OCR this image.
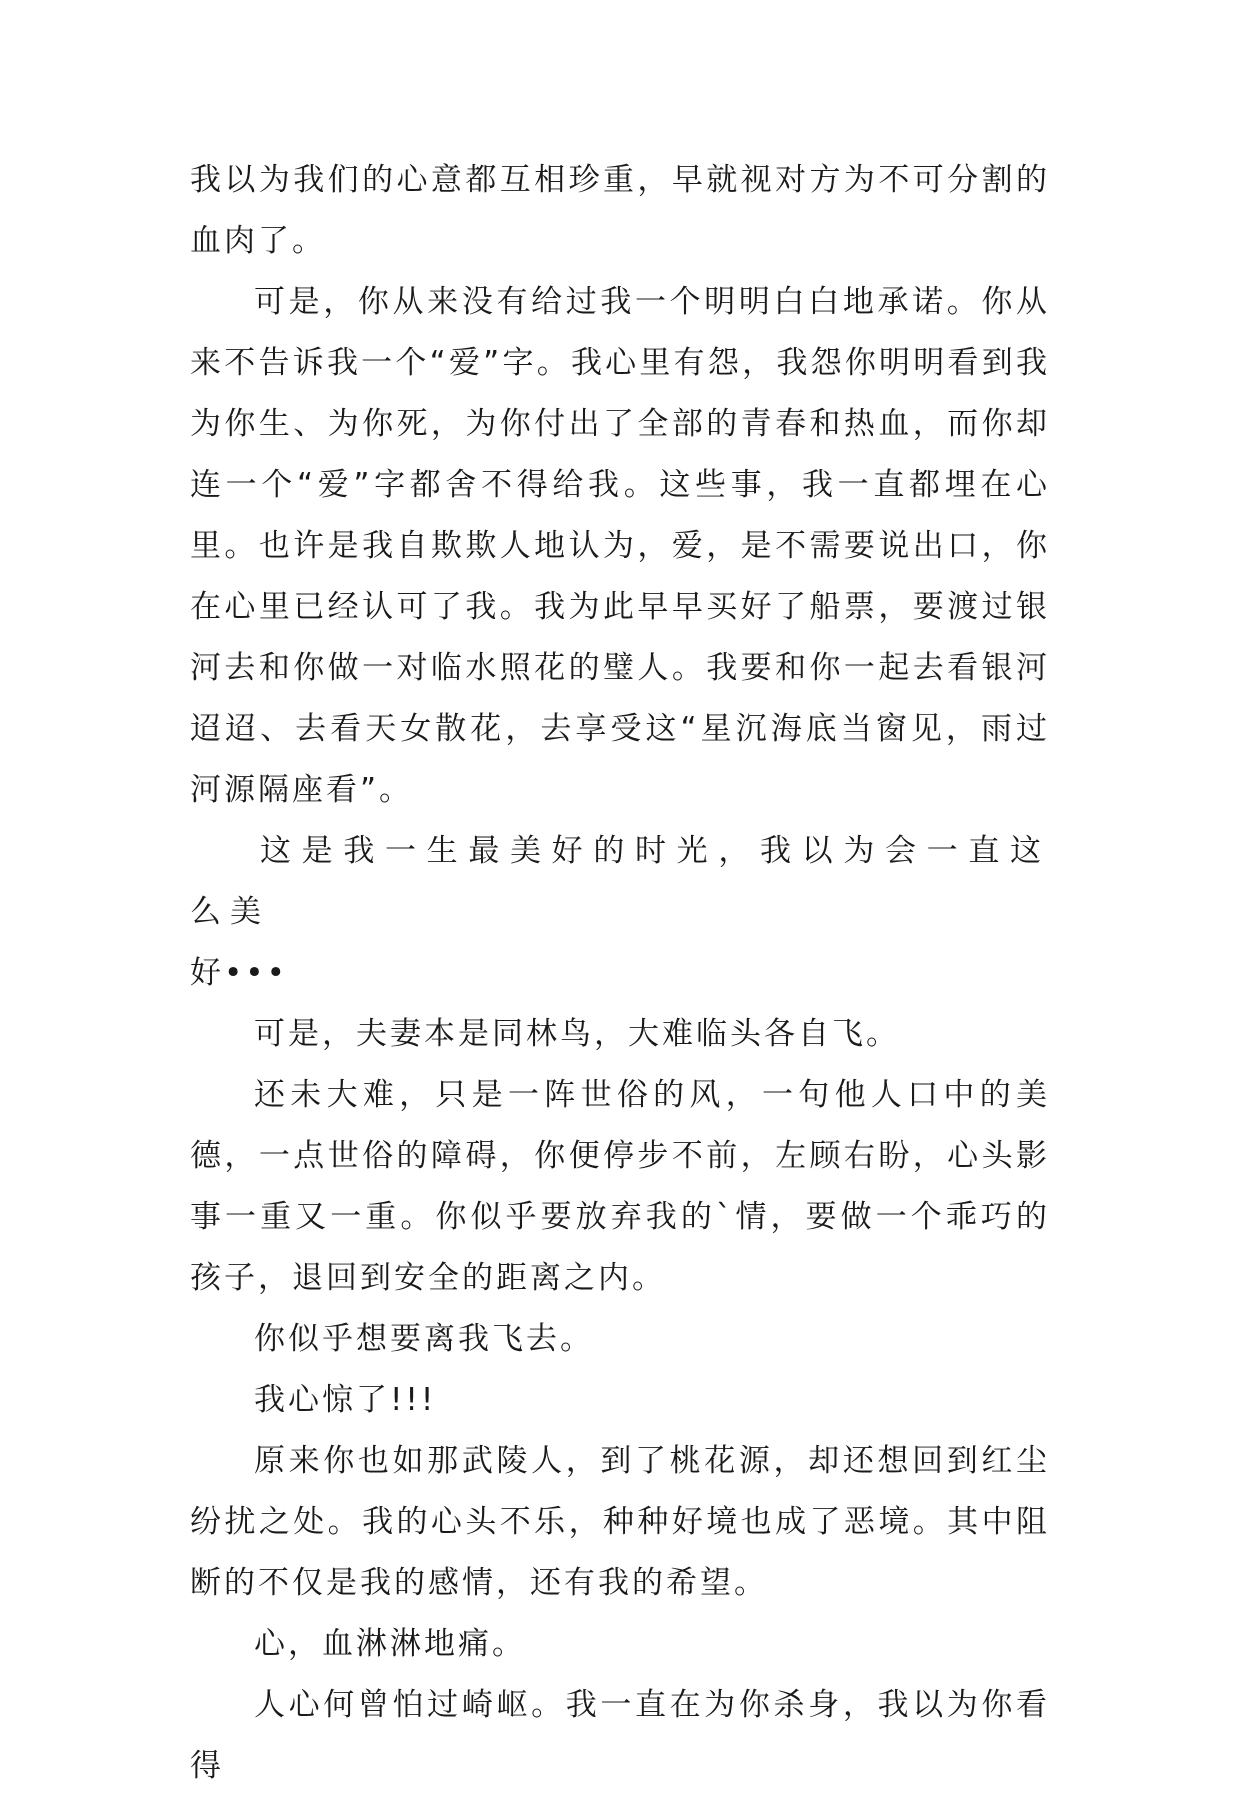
我以为我们的心意都互相珍重，早就视对方为不可分割的血肉了。

可是，你从来没有给过我一个明明白白地承诺。你从来不告诉我一个“爱”字。我心里有怨，我怨你明明看到我为你生、为你死，为你付出了全部的青春和热血，而你却连一个“爱”字都舍不得给我。这些事，我一直都埋在心里。也许是我自欺欺人地认为，爱，是不需要说出口，你在心里已经认可了我。我为此早早买好了船票，要渡过银河去和你做一对临水照花的璧人。我要和你一起去看银河迢迢、去看天女散花，去享受这“星沉海底当窗见，雨过河源隔座看”。

这是我一生最美好的时光，我以为会一直这么美

好•••

可是，夫妻本是同林鸟，大难临头各自飞。

还未大难，只是一阵世俗的风，一句他人口中的美德，一点世俗的障碍，你便停步不前，左顾右盼，心头影事一重又一重。你似乎要放弃我的`情，要做一个乖巧的孩子，退回到安全的距离之内。

你似乎想要离我飞去。

我心惊了!!!

原来你也如那武陵人，到了桃花源，却还想回到红尘纷扰之处。我的心头不乐，种种好境也成了恶境。其中阻断的不仅是我的感情，还有我的希望。

心，血淋淋地痛。

人心何曾怕过崎岖。我一直在为你杀身，我以为你看得
